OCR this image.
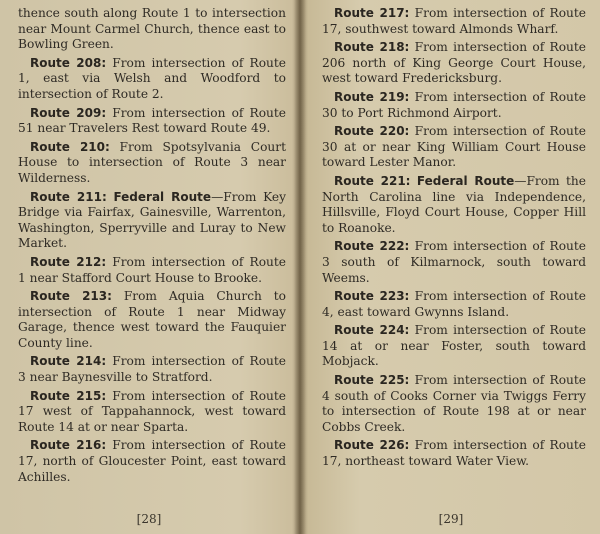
thence south along Route 1 to intersection near Mount Carmel Church, thence east to Bowling Green.

Route 208: From intersection of Route 1, east via Welsh and Woodford to intersection of Route 2.

Route 209: From intersection of Route 51 near Travelers Rest toward Route 49.

Route 210: From Spotsylvania Court House to intersection of Route 3 near Wilderness.

Route 211: Federal Route—From Key Bridge via Fairfax, Gainesville, Warrenton, Washington, Sperryville and Luray to New Market.

Route 212: From intersection of Route 1 near Stafford Court House to Brooke.

Route 213: From Aquia Church to intersection of Route 1 near Midway Garage, thence west toward the Fauquier County line.

Route 214: From intersection of Route 3 near Baynesville to Stratford.

Route 215: From intersection of Route 17 west of Tappahannock, west toward Route 14 at or near Sparta.

Route 216: From intersection of Route 17, north of Gloucester Point, east toward Achilles.

[28]

Route 217: From intersection of Route 17, southwest toward Almonds Wharf.

Route 218: From intersection of Route 206 north of King George Court House, west toward Fredericksburg.

Route 219: From intersection of Route 30 to Port Richmond Airport.

Route 220: From intersection of Route 30 at or near King William Court House toward Lester Manor.

Route 221: Federal Route—From the North Carolina line via Independence, Hillsville, Floyd Court House, Copper Hill to Roanoke.

Route 222: From intersection of Route 3 south of Kilmarnock, south toward Weems.

Route 223: From intersection of Route 4, east toward Gwynns Island.

Route 224: From intersection of Route 14 at or near Foster, south toward Mobjack.

Route 225: From intersection of Route 4 south of Cooks Corner via Twiggs Ferry to intersection of Route 198 at or near Cobbs Creek.

Route 226: From intersection of Route 17, northeast toward Water View.

[29]
